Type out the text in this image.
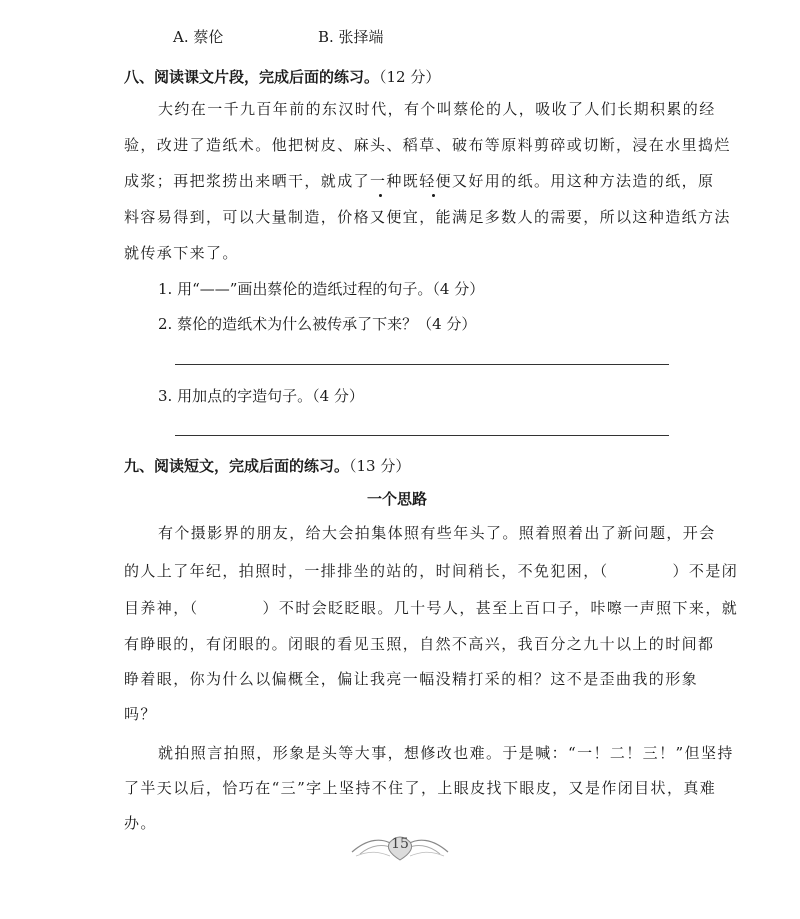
A. 蔡伦	B. 张择端
八、阅读课文片段，完成后面的练习。（12 分）
大约在一千九百年前的东汉时代，有个叫蔡伦的人，吸收了人们长期积累的经
验，改进了造纸术。他把树皮、麻头、稻草、破布等原料剪碎或切断，浸在水里捣烂
成浆；再把浆捞出来晒干，就成了一种既轻便又好用的纸。用这种方法造的纸，原
料容易得到，可以大量制造，价格又便宜，能满足多数人的需要，所以这种造纸方法
就传承下来了。
1. 用“——”画出蔡伦的造纸过程的句子。（4 分）
2. 蔡伦的造纸术为什么被传承了下来？（4 分）
3. 用加点的字造句子。（4 分）
九、阅读短文，完成后面的练习。（13 分）
一个思路
有个摄影界的朋友，给大会拍集体照有些年头了。照着照着出了新问题，开会
的人上了年纪，拍照时，一排排坐的站的，时间稍长，不免犯困，（	）不是闭
目养神，（	）不时会眨眨眼。几十号人，甚至上百口子，咔嚓一声照下来，就
有睁眼的，有闭眼的。闭眼的看见玉照，自然不高兴，我百分之九十以上的时间都
睁着眼，你为什么以偏概全，偏让我亮一幅没精打采的相？这不是歪曲我的形象
吗？
就拍照言拍照，形象是头等大事，想修改也难。于是喊：“一！二！三！”但坚持
了半天以后，恰巧在“三”字上坚持不住了，上眼皮找下眼皮，又是作闭目状，真难
办。
15
